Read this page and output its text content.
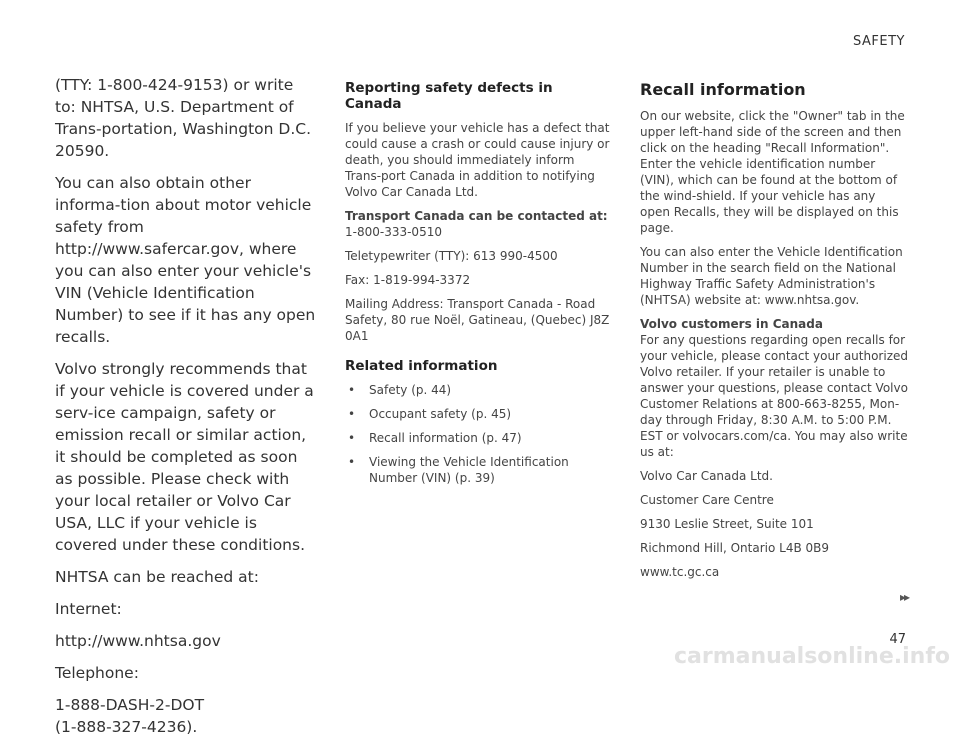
SAFETY

(TTY: 1-800-424-9153) or write to: NHTSA, U.S. Department of Trans-portation, Washington D.C. 20590.

You can also obtain other informa-tion about motor vehicle safety from http://www.safercar.gov, where you can also enter your vehicle's VIN (Vehicle Identification Number) to see if it has any open recalls.

Volvo strongly recommends that if your vehicle is covered under a serv-ice campaign, safety or emission recall or similar action, it should be completed as soon as possible. Please check with your local retailer or Volvo Car USA, LLC if your vehicle is covered under these conditions.

NHTSA can be reached at:

Internet:

http://www.nhtsa.gov

Telephone:

1-888-DASH-2-DOT

(1-888-327-4236).

Reporting safety defects in Canada

If you believe your vehicle has a defect that could cause a crash or could cause injury or death, you should immediately inform Trans-port Canada in addition to notifying Volvo Car Canada Ltd.

Transport Canada can be contacted at:

1-800-333-0510

Teletypewriter (TTY): 613 990-4500

Fax: 1-819-994-3372

Mailing Address: Transport Canada - Road Safety, 80 rue Noël, Gatineau, (Quebec) J8Z 0A1

Related information

• Safety (p. 44)
• Occupant safety (p. 45)
• Recall information (p. 47)
• Viewing the Vehicle Identification Number (VIN) (p. 39)

Recall information

On our website, click the "Owner" tab in the upper left-hand side of the screen and then click on the heading "Recall Information". Enter the vehicle identification number (VIN), which can be found at the bottom of the wind-shield. If your vehicle has any open Recalls, they will be displayed on this page.

You can also enter the Vehicle Identification Number in the search field on the National Highway Traffic Safety Administration's (NHTSA) website at: www.nhtsa.gov.

Volvo customers in Canada

For any questions regarding open recalls for your vehicle, please contact your authorized Volvo retailer. If your retailer is unable to answer your questions, please contact Volvo Customer Relations at 800-663-8255, Mon-day through Friday, 8:30 A.M. to 5:00 P.M. EST or volvocars.com/ca. You may also write us at:

Volvo Car Canada Ltd.

Customer Care Centre

9130 Leslie Street, Suite 101

Richmond Hill, Ontario L4B 0B9

www.tc.gc.ca

▸▸
47
carmanualsonline.info
